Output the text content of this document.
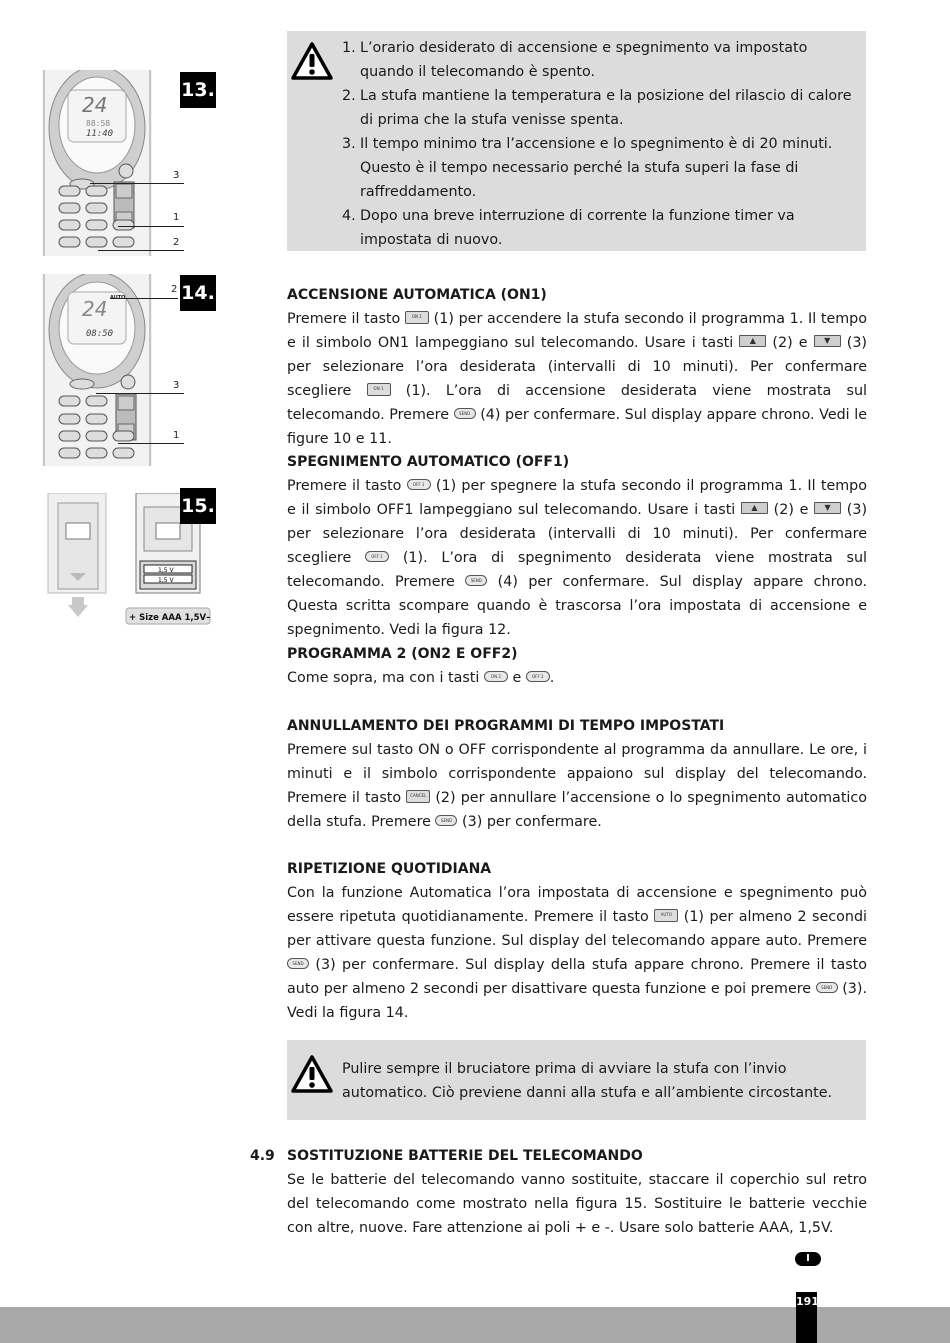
24
88:58
11:40
13.
3
1
2
24
08:50
14.
2
3
1
1,5 V
1,5 V
+ Size AAA 1,5V–
15.
1. L’orario desiderato di accensione e spegnimento va impostato quando il telecomando è spento.
2. La stufa mantiene la temperatura e la posizione del rilascio di calore di prima che la stufa venisse spenta.
3. Il tempo minimo tra l’accensione e lo spegnimento è di 20 minuti. Questo è il tempo necessario perché la stufa superi la fase di raffreddamento.
4. Dopo una breve interruzione di corrente la funzione timer va impostata di nuovo.
ACCENSIONE AUTOMATICA (ON1)

Premere il tasto	ON 1 (1) per accendere la stufa secondo il programma 1. Il tempo e il simbolo ON1 lampeggiano sul telecomando. Usare i tasti ▲ (2) e ▼ (3) per selezionare l’ora desiderata (intervalli di 10 minuti). Per confermare scegliere	ON 1 (1). L’ora di accensione desiderata viene mostrata sul telecomando. Premere	SEND (4) per confermare. Sul display appare chrono. Vedi le figure 10 e 11.

SPEGNIMENTO AUTOMATICO (OFF1)

Premere il tasto	OFF 1 (1) per spegnere la stufa secondo il programma 1. Il tempo e il simbolo OFF1 lampeggiano sul telecomando. Usare i tasti ▲ (2) e ▼ (3) per selezionare l’ora desiderata (intervalli di 10 minuti). Per confermare scegliere	OFF 1 (1). L’ora di spegnimento desiderata viene mostrata sul telecomando. Premere	SEND (4) per confermare. Sul display appare chrono. Questa scritta scompare quando è trascorsa l’ora impostata di accensione e spegnimento. Vedi la figura 12.

PROGRAMMA 2 (ON2 E OFF2)

Come sopra, ma con i tasti	ON 2 e	OFF 2 .

ANNULLAMENTO DEI PROGRAMMI DI TEMPO IMPOSTATI

Premere sul tasto ON o OFF corrispondente al programma da annullare. Le ore, i minuti e il simbolo corrispondente appaiono sul display del telecomando. Premere il tasto CANCEL (2) per annullare l’accensione o lo spegnimento automatico della stufa. Premere SEND (3) per confermare.

RIPETIZIONE QUOTIDIANA

Con la funzione Automatica l’ora impostata di accensione e spegnimento può essere ripetuta quotidianamente. Premere il tasto	AUTO (1) per almeno 2 secondi per attivare questa funzione. Sul display del telecomando appare auto. Premere SEND (3) per confermare. Sul display della stufa appare chrono. Premere il tasto auto per almeno 2 secondi per disattivare questa funzione e poi premere SEND (3). Vedi la figura 14.

Pulire sempre il bruciatore prima di avviare la stufa con l’invio automatico. Ciò previene danni alla stufa e all’ambiente circostante.
4.9 SOSTITUZIONE BATTERIE DEL TELECOMANDO

Se le batterie del telecomando vanno sostituite, staccare il coperchio sul retro del telecomando come mostrato nella figura 15. Sostituire le batterie vecchie con altre, nuove. Fare attenzione ai poli + e -. Usare solo batterie AAA, 1,5V.

I
191
